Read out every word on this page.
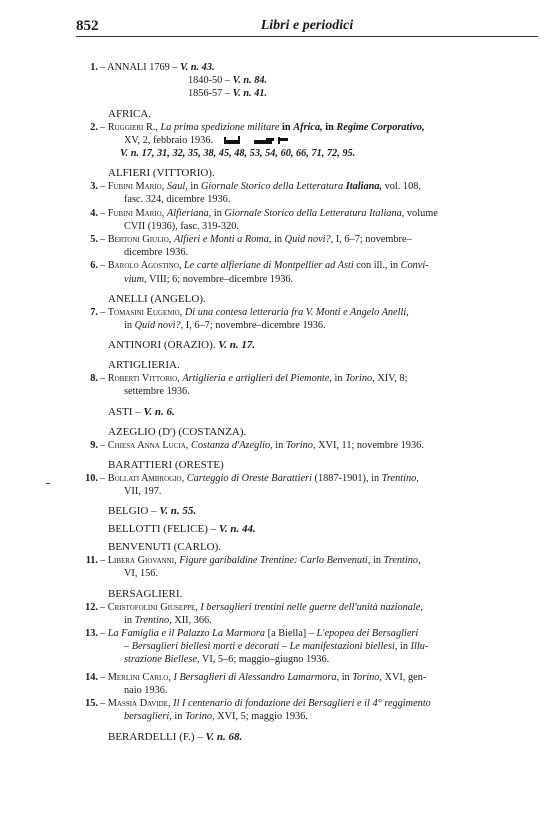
852	Libri e periodici
1. – ANNALI 1769 – V. n. 43.
1840-50 – V. n. 84.
1856-57 – V. n. 41.
AFRICA.
2. – Ruggieri R., La prima spedizione militare in Africa, in Regime Corporativo,
XV, 2, febbraio 1936.
V. n. 17, 31, 32, 35, 38, 45, 48, 53, 54, 60, 66, 71, 72, 95.
ALFIERI (VITTORIO).
3. – Fubini Mario, Saul, in Giornale Storico della Letteratura Italiana, vol. 108,
fasc. 324, dicembre 1936.
4. – Fubini Mario, Alfieriana, in Giornale Storico della Letteratura Italiana, volume
CVII (1936), fasc. 319-320.
5. – Bertoni Giulio, Alfieri e Monti a Roma, in Quid novi?, I, 6–7; novembre–
dicembre 1936.
6. – Barolo Agostino, Le carte alfieriane di Montpellier ad Asti con ill., in Convi-
vium, VIII; 6; novembre–dicembre 1936.
ANELLI (ANGELO).
7. – Tomasini Eugenio, Di una contesa letteraria fra V. Monti e Angelo Anelli,
in Quid novi?, I, 6–7; novembre–dicembre 1936.
ANTINORI (ORAZIO). V. n. 17.
ARTIGLIERIA.
8. – Roberti Vittorio, Artiglieria e artiglieri del Piemonte, in Torino, XIV, 8;
settembre 1936.
ASTI – V. n. 6.
AZEGLIO (D') (COSTANZA).
9. – Chiesa Anna Lucia, Costanza d'Azeglio, in Torino, XVI, 11; novembre 1936.
BARATTIERI (ORESTE)
10. – Bollati Ambrogio, Carteggio di Oreste Barattieri (1887-1901), in Trentino,
VII, 197.
BELGIO – V. n. 55.
BELLOTTI (FELICE) – V. n. 44.
BENVENUTI (CARLO).
11. – Libera Giovanni, Figure garibaldine Trentine: Carlo Benvenuti, in Trentino,
VI, 156.
BERSAGLIERI.
12. – Cristofolini Giuseppe, I bersaglieri trentini nelle guerre dell'unità nazionale,
in Trentino, XII, 366.
13. – La Famiglia e il Palazzo La Marmora [a Biella] – L'epopea dei Bersaglieri
– Bersaglieri biellesi morti e decorati – Le manifestazioni biellesi, in Illu-
strazione Biellese, VI, 5–6; maggio–giugno 1936.
14. – Merlini Carlo, I Bersaglieri di Alessandro Lamarmora, in Torino, XVI, gen-
naio 1936.
15. – Massia Davide, Il I centenario di fondazione dei Bersaglieri e il 4° reggimento
bersaglieri, in Torino, XVI, 5; maggio 1936.
BERARDELLI (F.) – V. n. 68.
